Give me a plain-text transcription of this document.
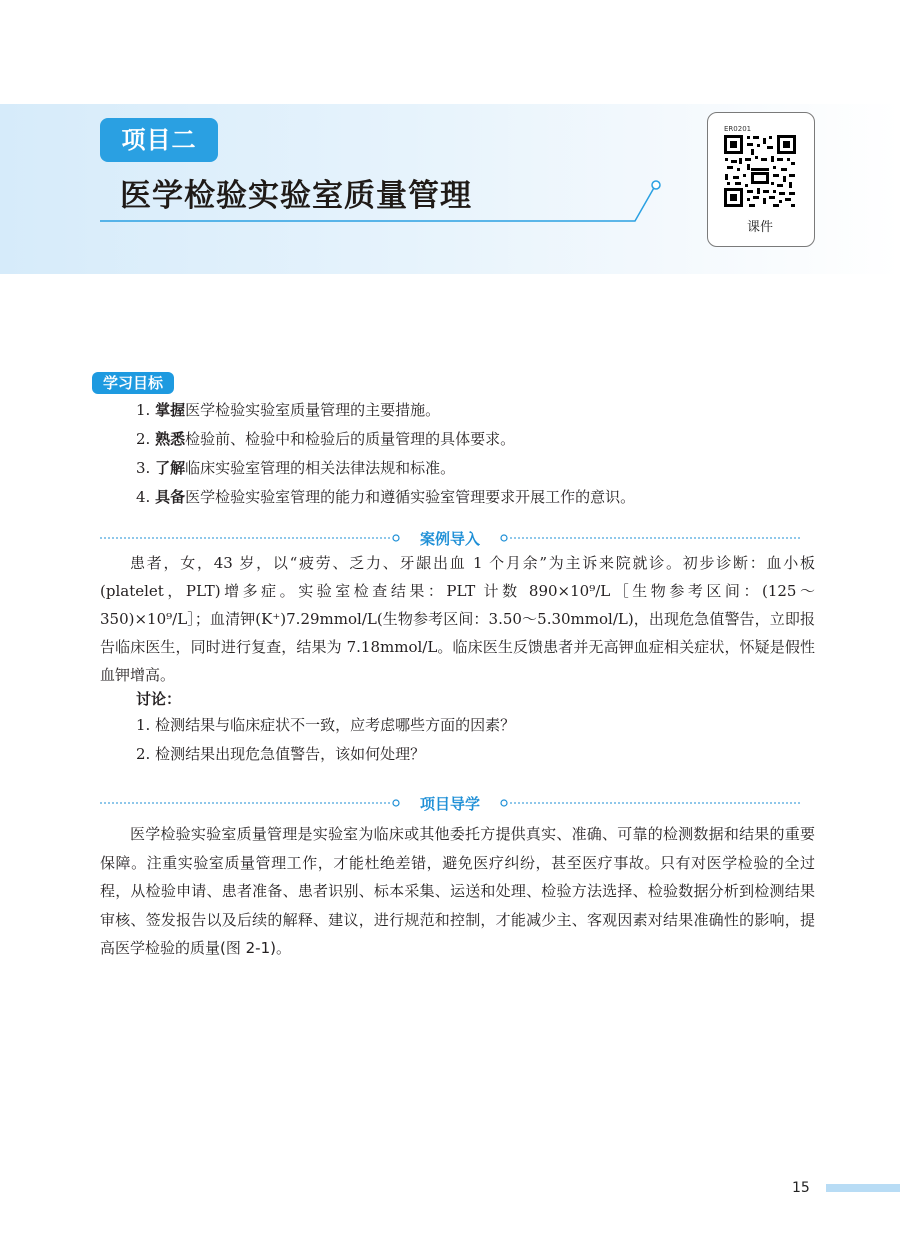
项目二
医学检验实验室质量管理
ER0201
课件
学习目标
1. 掌握医学检验实验室质量管理的主要措施。
2. 熟悉检验前、检验中和检验后的质量管理的具体要求。
3. 了解临床实验室管理的相关法律法规和标准。
4. 具备医学检验实验室管理的能力和遵循实验室管理要求开展工作的意识。
案例导入

患者，女，43 岁，以“疲劳、乏力、牙龈出血 1 个月余”为主诉来院就诊。初步诊断：血小板(platelet，PLT)增多症。实验室检查结果：PLT 计数 890×10⁹/L［生物参考区间：(125～350)×10⁹/L］；血清钾(K⁺)7.29mmol/L(生物参考区间：3.50～5.30mmol/L)，出现危急值警告，立即报告临床医生，同时进行复查，结果为 7.18mmol/L。临床医生反馈患者并无高钾血症相关症状，怀疑是假性血钾增高。

讨论：
1. 检测结果与临床症状不一致，应考虑哪些方面的因素？
2. 检测结果出现危急值警告，该如何处理？
项目导学

医学检验实验室质量管理是实验室为临床或其他委托方提供真实、准确、可靠的检测数据和结果的重要保障。注重实验室质量管理工作，才能杜绝差错，避免医疗纠纷，甚至医疗事故。只有对医学检验的全过程，从检验申请、患者准备、患者识别、标本采集、运送和处理、检验方法选择、检验数据分析到检测结果审核、签发报告以及后续的解释、建议，进行规范和控制，才能减少主、客观因素对结果准确性的影响，提高医学检验的质量(图 2-1)。

15
